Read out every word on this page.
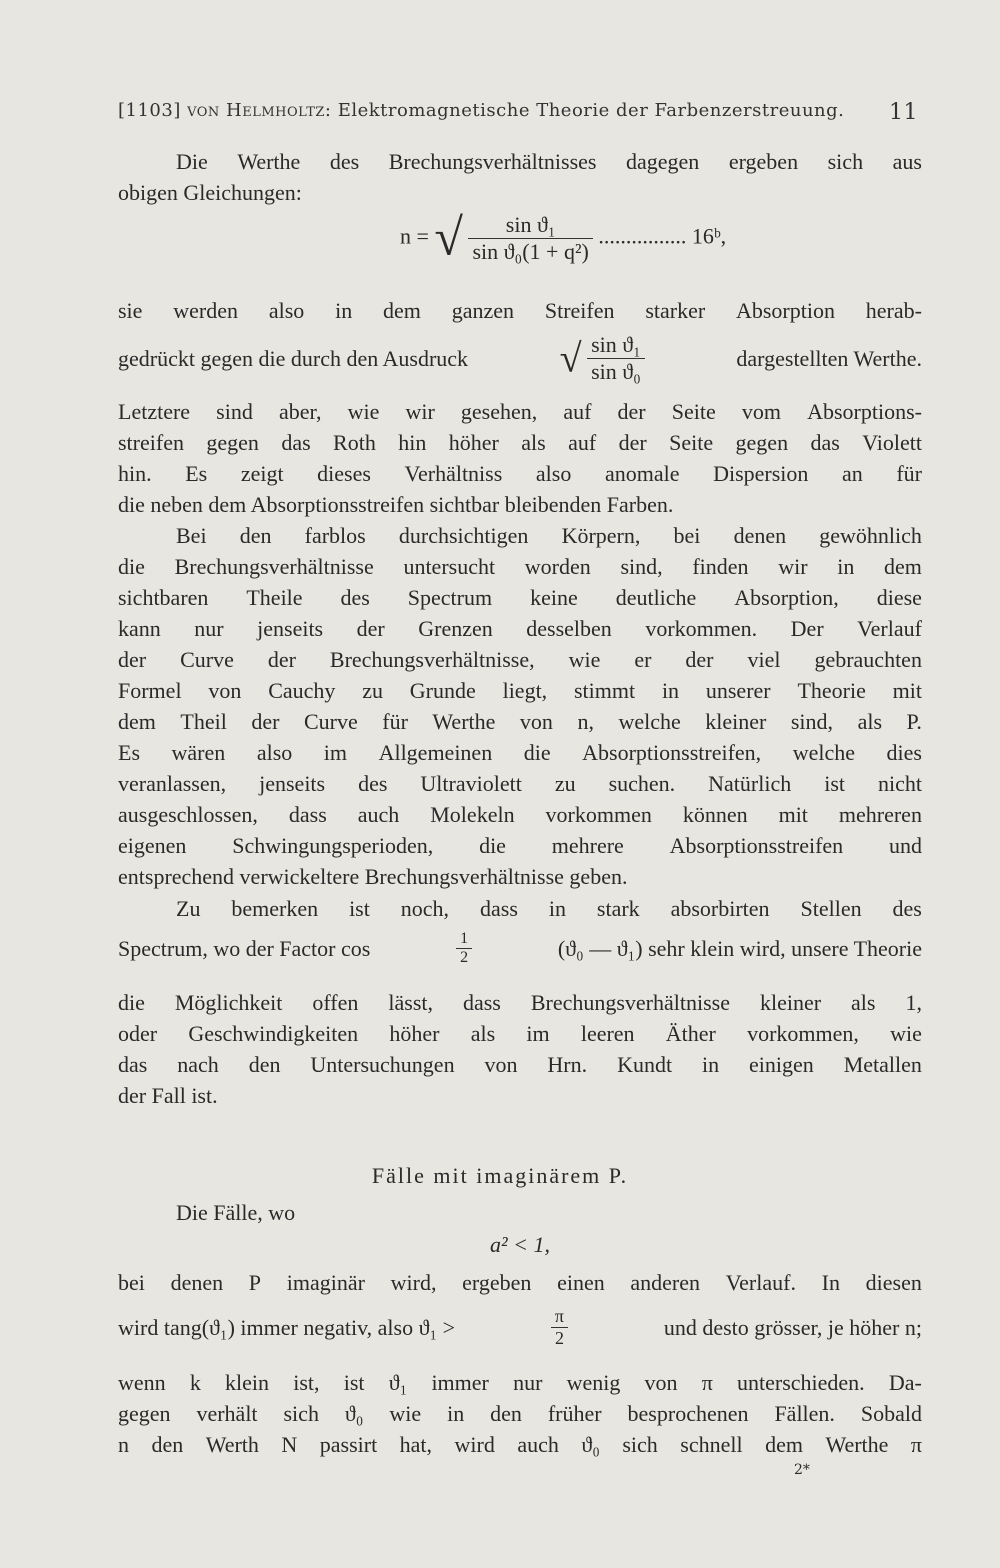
[1103] von Helmholtz: Elektromagnetische Theorie der Farbenzerstreuung. 11
Die Werthe des Brechungsverhältnisses dagegen ergeben sich aus
obigen Gleichungen:
n = √ $\frac{\text{sin ϑ₁}}{\text{sin ϑ₀(1 + q²)}}$ ................ 16ᵇ,
sie werden also in dem ganzen Streifen starker Absorption herab-
gedrückt gegen die durch den Ausdruck √ $\frac{\text{sin ϑ₁}}{\text{sin ϑ₀}}$	dargestellten Werthe.
Letztere sind aber, wie wir gesehen, auf der Seite vom Absorptions-
streifen gegen das Roth hin höher als auf der Seite gegen das Violett
hin. Es zeigt dieses Verhältniss also anomale Dispersion an für
die neben dem Absorptionsstreifen sichtbar bleibenden Farben.
Bei den farblos durchsichtigen Körpern, bei denen gewöhnlich
die Brechungsverhältnisse untersucht worden sind, finden wir in dem
sichtbaren Theile des Spectrum keine deutliche Absorption, diese
kann nur jenseits der Grenzen desselben vorkommen. Der Verlauf
der Curve der Brechungsverhältnisse, wie er der viel gebrauchten
Formel von Cauchy zu Grunde liegt, stimmt in unserer Theorie mit
dem Theil der Curve für Werthe von n, welche kleiner sind, als P.
Es wären also im Allgemeinen die Absorptionsstreifen, welche dies
veranlassen, jenseits des Ultraviolett zu suchen. Natürlich ist nicht
ausgeschlossen, dass auch Molekeln vorkommen können mit mehreren
eigenen Schwingungsperioden, die mehrere Absorptionsstreifen und
entsprechend verwickeltere Brechungsverhältnisse geben.
Zu bemerken ist noch, dass in stark absorbirten Stellen des
Spectrum, wo der Factor cos	$\frac{1}{2}$	(ϑ₀ — ϑ₁) sehr klein wird, unsere Theorie
die Möglichkeit offen lässt, dass Brechungsverhältnisse kleiner als 1,
oder Geschwindigkeiten höher als im leeren Äther vorkommen, wie
das nach den Untersuchungen von Hrn. Kundt in einigen Metallen
der Fall ist.
Fälle mit imaginärem P.
Die Fälle, wo
a² < 1,
bei denen P imaginär wird, ergeben einen anderen Verlauf. In diesen
wird tang(ϑ₁) immer negativ, also ϑ₁ >	$\frac{\pi}{2}$	und desto grösser, je höher n;
wenn k klein ist, ist ϑ₁ immer nur wenig von π unterschieden. Da-
gegen verhält sich ϑ₀ wie in den früher besprochenen Fällen. Sobald
n den Werth N passirt hat, wird auch ϑ₀ sich schnell dem Werthe π
2*
